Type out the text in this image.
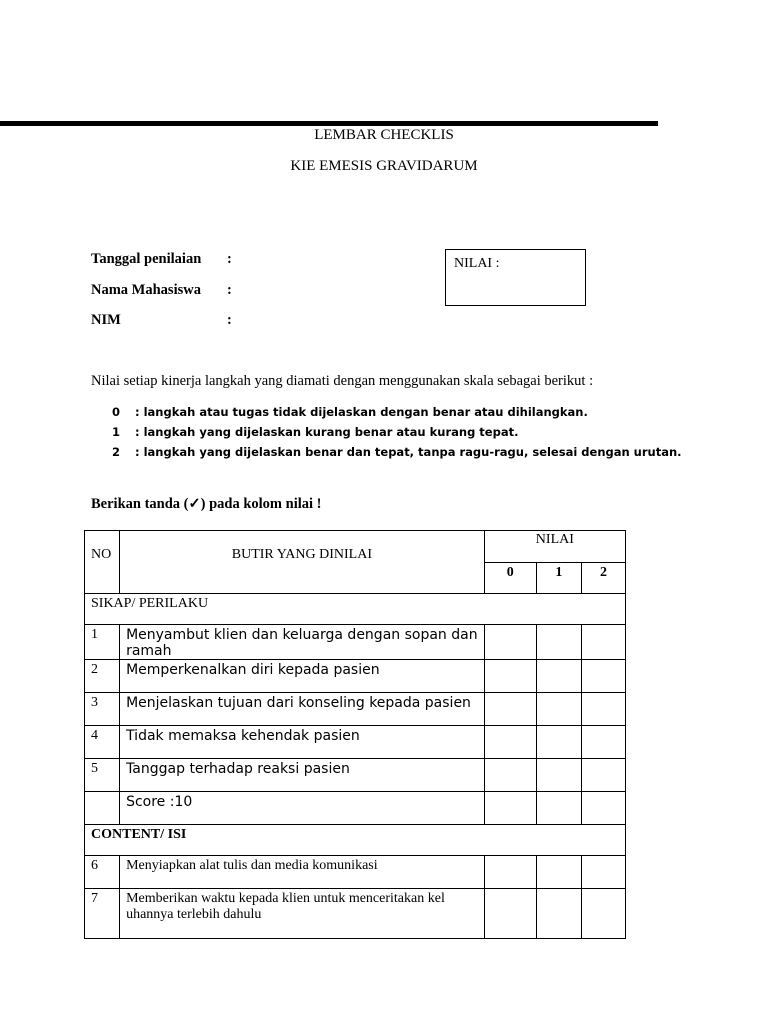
LEMBAR CHECKLIS
KIE EMESIS GRAVIDARUM
Tanggal penilaian :
Nama Mahasiswa :
NIM	:
NILAI :
Nilai setiap kinerja langkah yang diamati dengan menggunakan skala sebagai berikut :
0 : langkah atau tugas tidak dijelaskan dengan benar atau dihilangkan.
1 : langkah yang dijelaskan kurang benar atau kurang tepat.
2 : langkah yang dijelaskan benar dan tepat, tanpa ragu-ragu, selesai dengan urutan.
Berikan tanda (✓) pada kolom nilai !
NO	BUTIR YANG DINILAI	NILAI		
		0	1	2
SIKAP/ PERILAKU				
1	Menyambut klien dan keluarga dengan sopan dan ramah			
2	Memperkenalkan diri kepada pasien			
3	Menjelaskan tujuan dari konseling kepada pasien			
4	Tidak memaksa kehendak pasien			
5	Tanggap terhadap reaksi pasien			
	Score :10			
CONTENT/ ISI				
6	Menyiapkan alat tulis dan media komunikasi			
7	Memberikan waktu kepada klien untuk menceritakan kel uhannya terlebih dahulu			
